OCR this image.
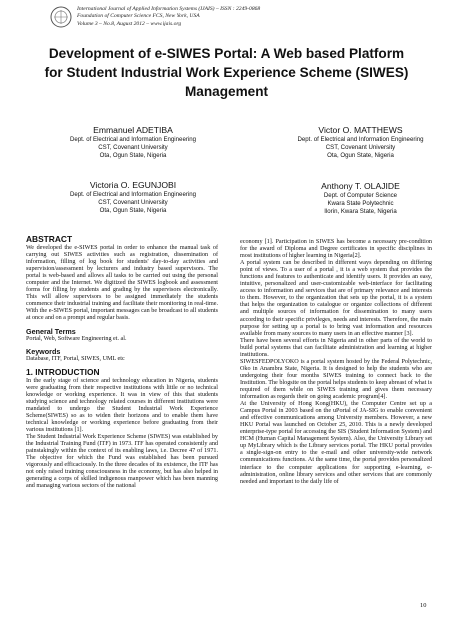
International Journal of Applied Information Systems (IJAIS) – ISSN : 2249-0868
Foundation of Computer Science FCS, New York, USA
Volume 3 – No.8, August 2012 – www.ijais.org
Development of e-SIWES Portal: A Web based Platform
for Student Industrial Work Experience Scheme (SIWES)
Management
Emmanuel ADETIBA
Dept. of Electrical and Information Engineering
CST, Covenant University
Ota, Ogun State, Nigeria
Victor O. MATTHEWS
Dept. of Electrical and Information Engineering
CST, Covenant University
Ota, Ogun State, Nigeria
Victoria O. EGUNJOBI
Dept. of Electrical and Information Engineering
CST, Covenant University
Ota, Ogun State, Nigeria
Anthony T. OLAJIDE
Dept. of Computer Science
Kwara State Polytechnic
Ilorin, Kwara State, Nigeria
ABSTRACT

We developed the e-SIWES portal in order to enhance the manual task of carrying out SIWES activities such as registration, dissemination of information, filling of log book for students' day-to-day activities and supervision/assessment by lecturers and industry based supervisors. The portal is web-based and allows all tasks to be carried out using the personal computer and the Internet. We digitized the SIWES logbook and assessment forms for filling by students and grading by the supervisors electronically. This will allow supervisors to be assigned immediately the students commence their industrial training and facilitate their monitoring in real-time. With the e-SIWES portal, important messages can be broadcast to all students at once and on a prompt and regular basis.

General Terms

Portal, Web, Software Engineering et. al.

Keywords

Database, ITF, Portal, SIWES, UML etc

1. INTRODUCTION

In the early stage of science and technology education in Nigeria, students were graduating from their respective institutions with little or no technical knowledge or working experience. It was in view of this that students studying science and technology related courses in different institutions were mandated to undergo the Student Industrial Work Experience Scheme(SIWES) so as to widen their horizons and to enable them have technical knowledge or working experience before graduating from their various institutions [1].

The Student Industrial Work Experience Scheme (SIWES) was established by the Industrial Training Fund (ITF) in 1973. ITF has operated consistently and painstakingly within the context of its enabling laws, i.e. Decree 47 of 1971. The objective for which the Fund was established has been pursued vigorously and efficaciously. In the three decades of its existence, the ITF has not only raised training consciousness in the economy, but has also helped in generating a corps of skilled indigenous manpower which has been manning and managing various sectors of the national

economy [1]. Participation in SIWES has become a necessary pre-condition for the award of Diploma and Degree certificates in specific disciplines in most institutions of higher learning in Nigeria[2].

A portal system can be described in different ways depending on differing point of views. To a user of a portal , it is a web system that provides the functions and features to authenticate and identify users. It provides an easy, intuitive, personalized and user-customizable web-interface for facilitating access to information and services that are of primary relevance and interests to them. However, to the organization that sets up the portal, it is a system that helps the organization to catalogue or organize collections of different and multiple sources of information for dissemination to many users according to their specific privileges, needs and interests. Therefore, the main purpose for setting up a portal is to bring vast information and resources available from many sources to many users in an effective manner [3].

There have been several efforts in Nigeria and in other parts of the world to build portal systems that can facilitate administration and learning at higher institutions.

SIWESFEDPOLYOKO is a portal system hosted by the Federal Polytechnic, Oko in Anambra State, Nigeria. It is designed to help the students who are undergoing their four months SIWES training to connect back to the Institution. The blogsite on the portal helps students to keep abreast of what is required of them while on SIWES training and gives them necessary information as regards their on going academic program[4].

At the University of Hong Kong(HKU), the Computer Centre set up a Campus Portal in 2003 based on the uPortal of JA-SIG to enable convenient and effective communications among University members. However, a new HKU Portal was launched on October 25, 2010. This is a newly developed enterprise-type portal for accessing the SIS (Student Information System) and HCM (Human Capital Management System). Also, the University Library set up MyLibrary which is the Library services portal. The HKU portal provides a single-sign-on entry to the e-mail and other university-wide network communications functions. At the same time, the portal provides personalized interface to the computer applications for supporting e-learning, e-administration, online library services and other services that are commonly needed and important to the daily life of

10
